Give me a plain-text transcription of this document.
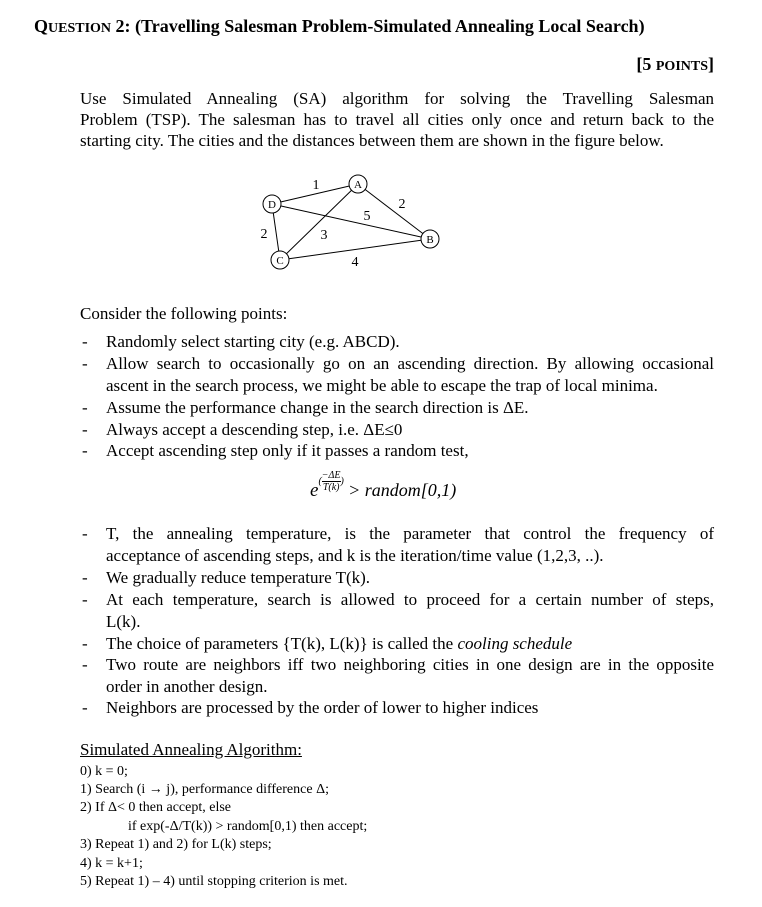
QUESTION 2: (Travelling Salesman Problem-Simulated Annealing Local Search)
[5 POINTS]
Use Simulated Annealing (SA) algorithm for solving the Travelling Salesman
Problem (TSP). The salesman has to travel all cities only once and return back to the
starting city. The cities and the distances between them are shown in the figure below.
A
B
C
D
1
2
5
3
2
4
Consider the following points:
- Randomly select starting city (e.g. ABCD).
- Allow search to occasionally go on an ascending direction. By allowing occasional
ascent in the search process, we might be able to escape the trap of local minima.
- Assume the performance change in the search direction is ΔE.
- Always accept a descending step, i.e. ΔE≤0
- Accept ascending step only if it passes a random test,
$e( \frac{-\Delta E}{T(k)}$ ) > random[0,1)
- T, the annealing temperature, is the parameter that control the frequency of
acceptance of ascending steps, and k is the iteration/time value (1,2,3, ..).
- We gradually reduce temperature T(k).
- At each temperature, search is allowed to proceed for a certain number of steps,
L(k).
- The choice of parameters {T(k), L(k)} is called the cooling schedule
- Two route are neighbors iff two neighboring cities in one design are in the opposite
order in another design.
- Neighbors are processed by the order of lower to higher indices
Simulated Annealing Algorithm:
0) k = 0;
1) Search (i → j), performance difference Δ;
2) If Δ< 0 then accept, else
if exp(-Δ/T(k)) > random[0,1) then accept;
3) Repeat 1) and 2) for L(k) steps;
4) k = k+1;
5) Repeat 1) – 4) until stopping criterion is met.
